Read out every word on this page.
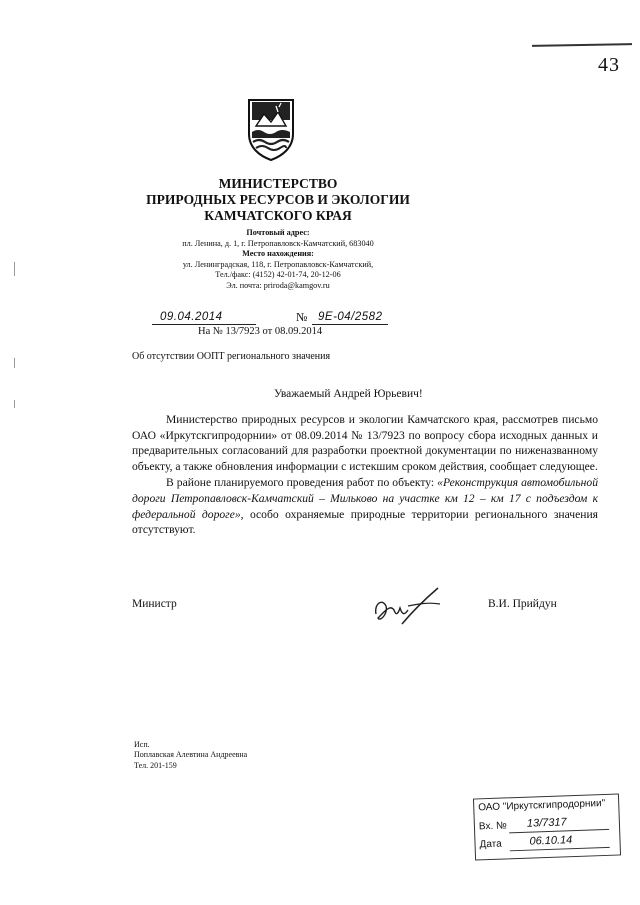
43
МИНИСТЕРСТВО
ПРИРОДНЫХ РЕСУРСОВ И ЭКОЛОГИИ
КАМЧАТСКОГО КРАЯ
Почтовый адрес:
пл. Ленина, д. 1, г. Петропавловск-Камчатский, 683040
Место нахождения:
ул. Ленинградская, 118, г. Петропавловск-Камчатский,
Тел./факс: (4152) 42-01-74, 20-12-06
Эл. почта: priroda@kamgov.ru
09.04.2014	№ 9Е-04/2582
На № 13/7923 от 08.09.2014
Об отсутствии ООПТ регионального значения
Уважаемый Андрей Юрьевич!

Министерство природных ресурсов и экологии Камчатского края, рассмотрев письмо ОАО «Иркутскгипродорнии» от 08.09.2014 № 13/7923 по вопросу сбора исходных данных и предварительных согласований для разработки проектной документации по ниженазванному объекту, а также обновления информации с истекшим сроком действия, сообщает следующее.

В районе планируемого проведения работ по объекту: «Реконструкция автомобильной дороги Петропавловск-Камчатский – Мильково на участке км 12 – км 17 с подъездом к федеральной дороге», особо охраняемые природные территории регионального значения отсутствуют.

Министр	В.И. Прийдун
Исп.
Поплавская Алевтина Андреевна
Тел. 201-159
ОАО "Иркутскгипродорнии"
Вх. № 13/7317
Дата 06.10.14
